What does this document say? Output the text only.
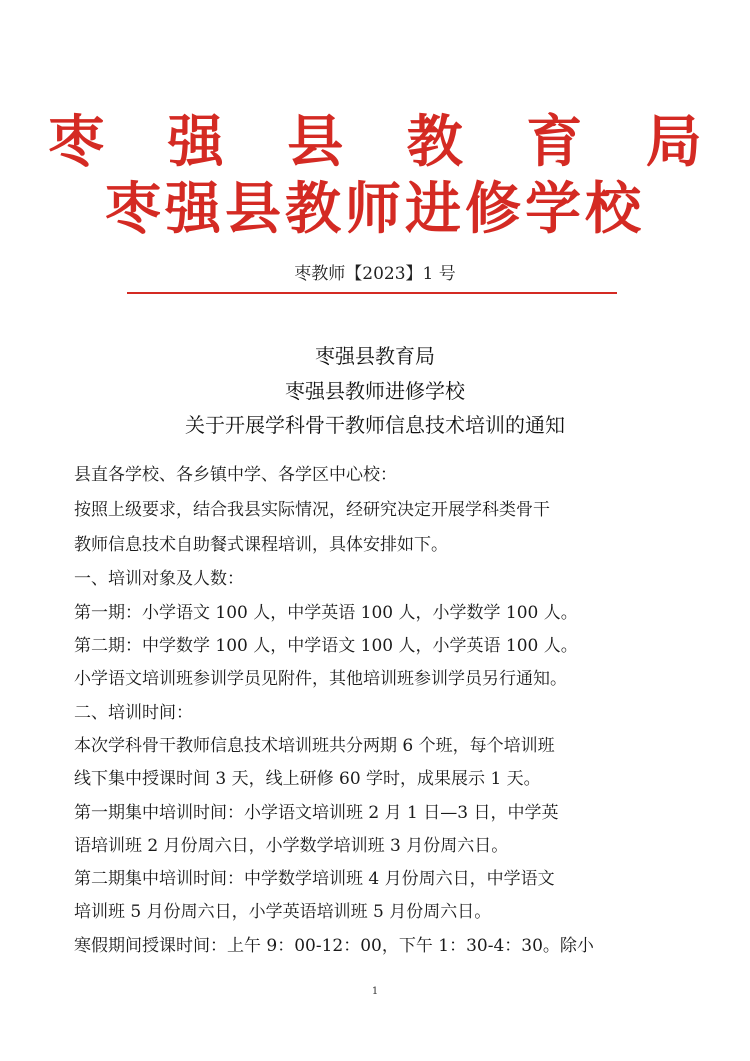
枣 强 县 教 育 局
枣强县教师进修学校
枣教师【2023】1 号
枣强县教育局
枣强县教师进修学校
关于开展学科骨干教师信息技术培训的通知
县直各学校、各乡镇中学、各学区中心校：
按照上级要求，结合我县实际情况，经研究决定开展学科类骨干
教师信息技术自助餐式课程培训，具体安排如下。
一、培训对象及人数：
第一期：小学语文 100 人，中学英语 100 人，小学数学 100 人。
第二期：中学数学 100 人，中学语文 100 人，小学英语 100 人。
小学语文培训班参训学员见附件，其他培训班参训学员另行通知。
二、培训时间：
本次学科骨干教师信息技术培训班共分两期 6 个班，每个培训班
线下集中授课时间 3 天，线上研修 60 学时，成果展示 1 天。
第一期集中培训时间：小学语文培训班 2 月 1 日—3 日，中学英
语培训班 2 月份周六日，小学数学培训班 3 月份周六日。
第二期集中培训时间：中学数学培训班 4 月份周六日，中学语文
培训班 5 月份周六日，小学英语培训班 5 月份周六日。
寒假期间授课时间：上午 9：00-12：00，下午 1：30-4：30。除小
1
